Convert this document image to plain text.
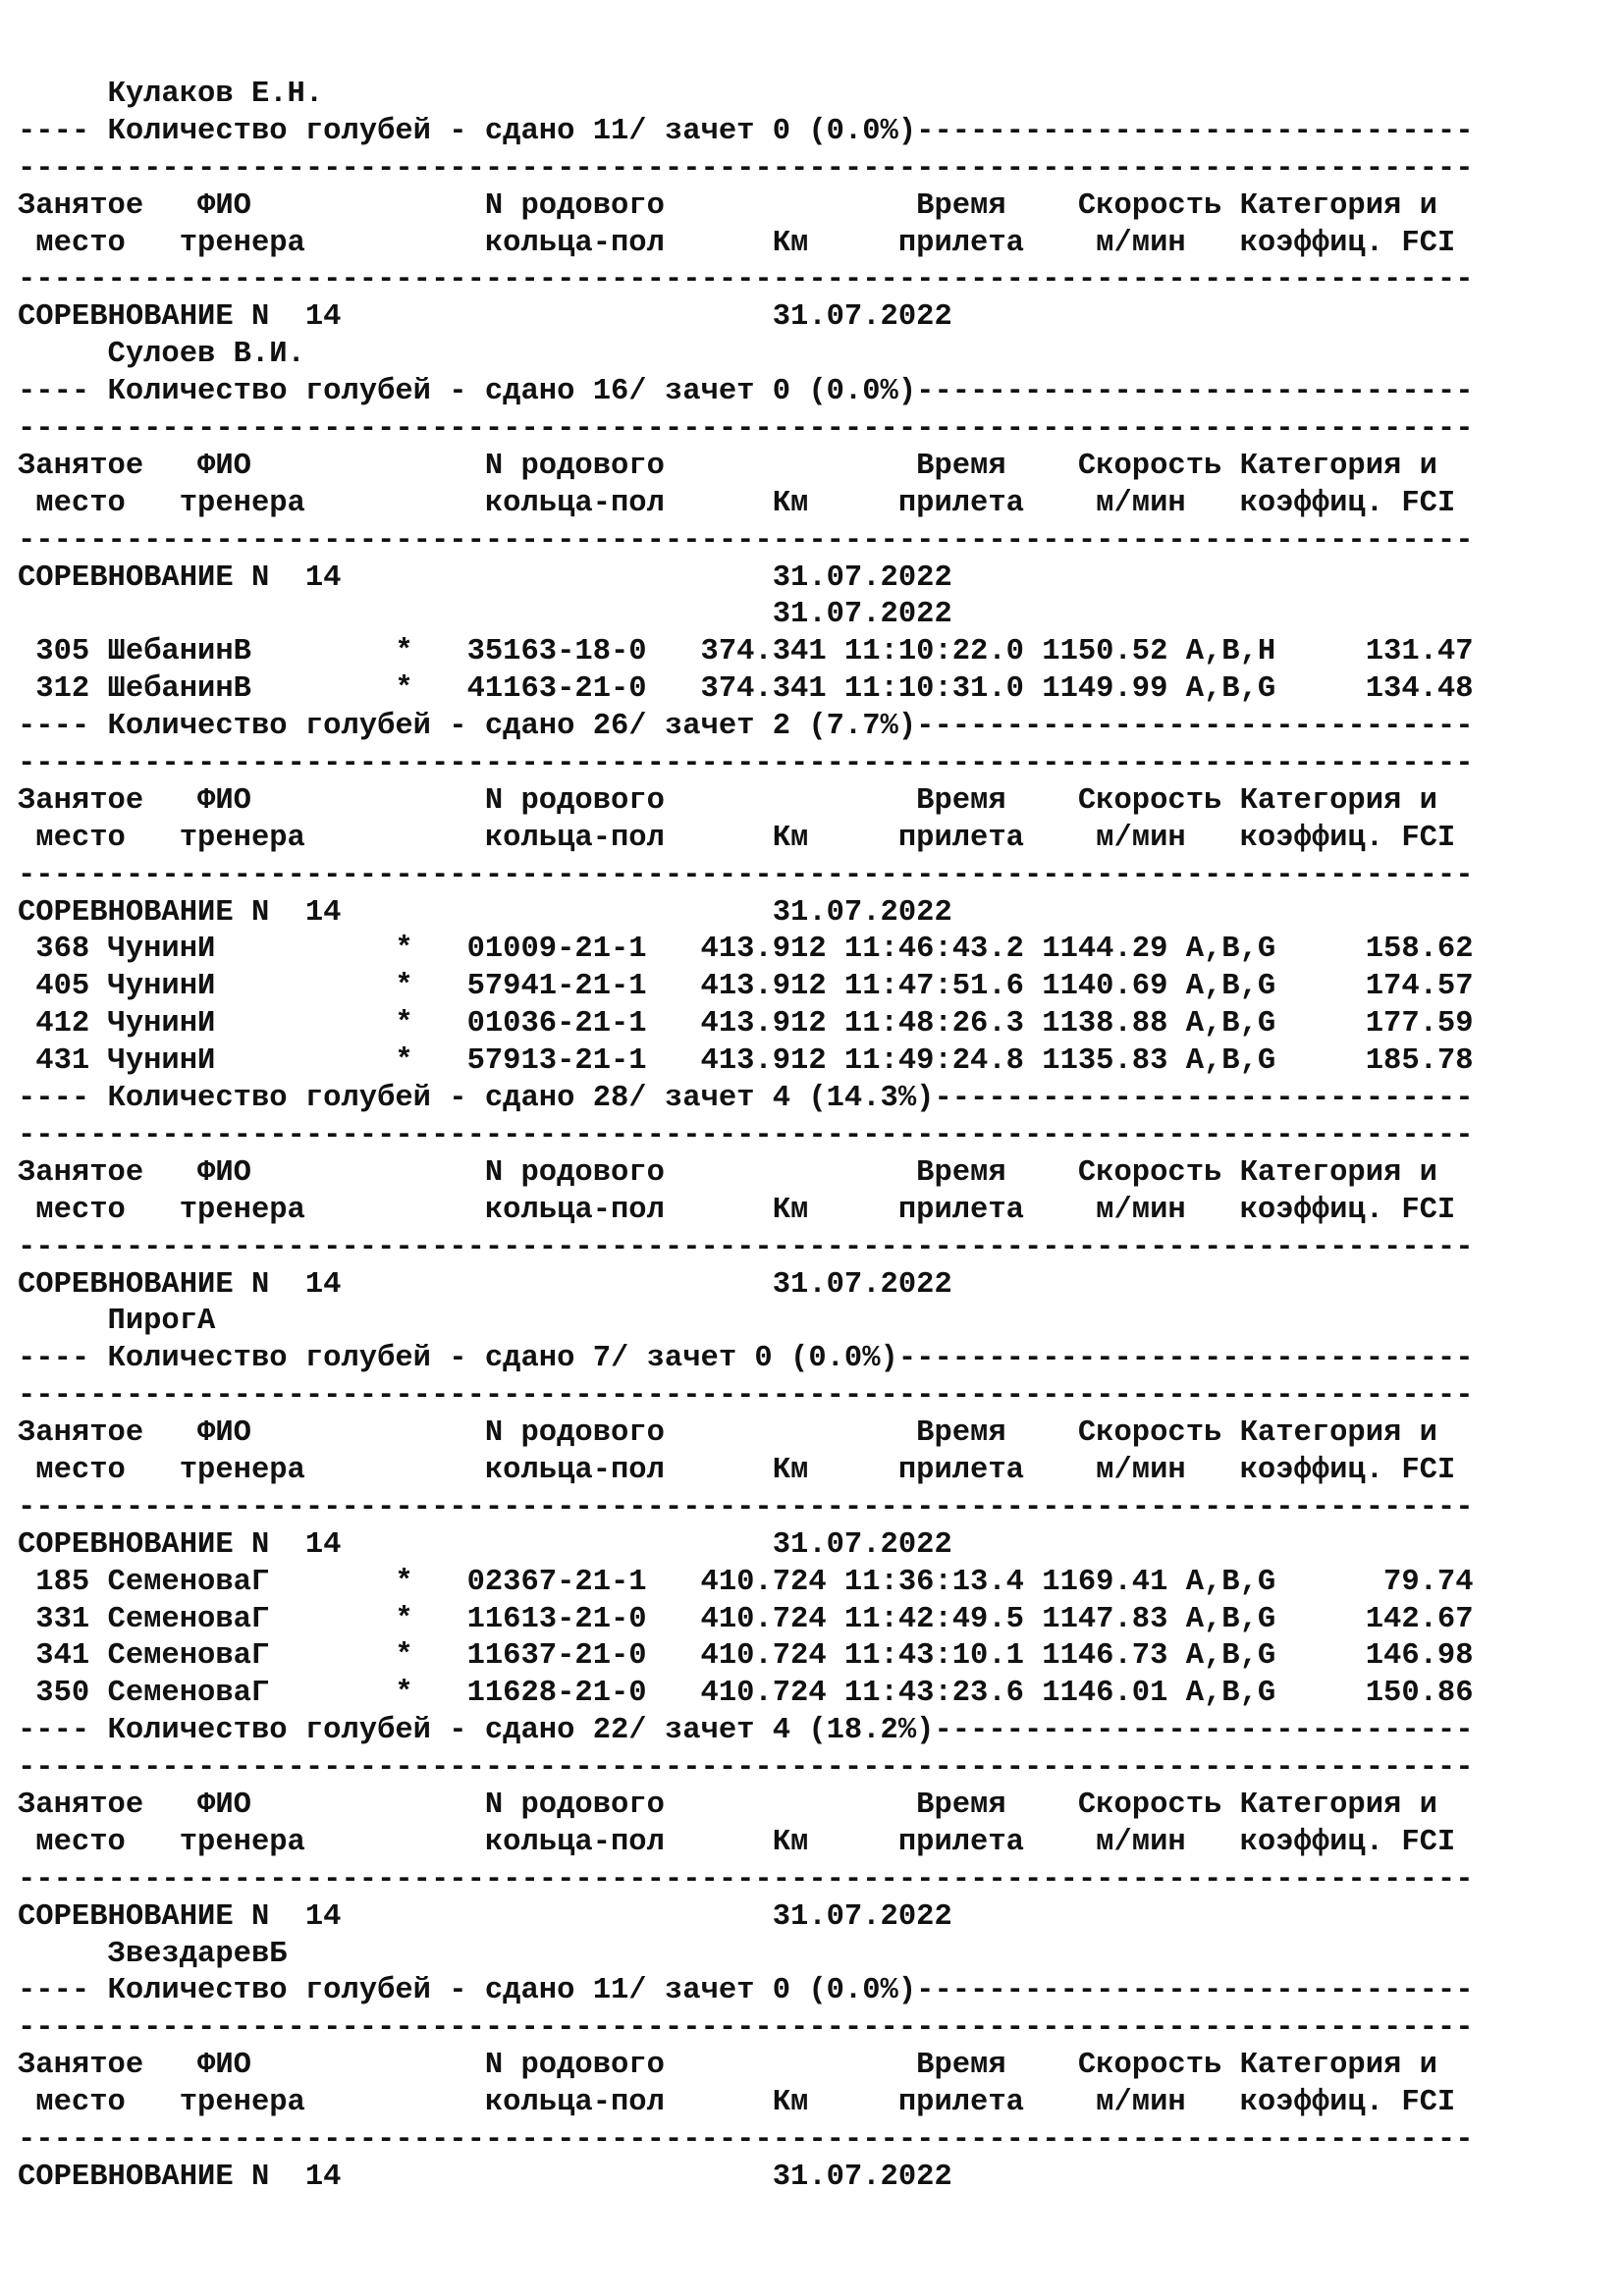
Кулаков Е.Н.
---- Количество голубей - сдано 11/ зачет 0 (0.0%)-------------------------------
---------------------------------------------------------------------------------
Занятое   ФИО             N родового              Время    Скорость Категория и
место   тренера          кольца-пол      Км     прилета    м/мин   коэффиц. FCI
---------------------------------------------------------------------------------
СОРЕВНОВАНИЕ N  14                        31.07.2022
Сулоев В.И.
---- Количество голубей - сдано 16/ зачет 0 (0.0%)-------------------------------
---------------------------------------------------------------------------------
Занятое   ФИО             N родового              Время    Скорость Категория и
место   тренера          кольца-пол      Км     прилета    м/мин   коэффиц. FCI
---------------------------------------------------------------------------------
СОРЕВНОВАНИЕ N  14                        31.07.2022
31.07.2022
305 ШебанинВ        *   35163-18-0   374.341 11:10:22.0 1150.52 A,B,H     131.47
312 ШебанинВ        *   41163-21-0   374.341 11:10:31.0 1149.99 A,B,G     134.48
---- Количество голубей - сдано 26/ зачет 2 (7.7%)-------------------------------
---------------------------------------------------------------------------------
Занятое   ФИО             N родового              Время    Скорость Категория и
место   тренера          кольца-пол      Км     прилета    м/мин   коэффиц. FCI
---------------------------------------------------------------------------------
СОРЕВНОВАНИЕ N  14                        31.07.2022
368 ЧунинИ          *   01009-21-1   413.912 11:46:43.2 1144.29 A,B,G     158.62
405 ЧунинИ          *   57941-21-1   413.912 11:47:51.6 1140.69 A,B,G     174.57
412 ЧунинИ          *   01036-21-1   413.912 11:48:26.3 1138.88 A,B,G     177.59
431 ЧунинИ          *   57913-21-1   413.912 11:49:24.8 1135.83 A,B,G     185.78
---- Количество голубей - сдано 28/ зачет 4 (14.3%)------------------------------
---------------------------------------------------------------------------------
Занятое   ФИО             N родового              Время    Скорость Категория и
место   тренера          кольца-пол      Км     прилета    м/мин   коэффиц. FCI
---------------------------------------------------------------------------------
СОРЕВНОВАНИЕ N  14                        31.07.2022
ПирогА
---- Количество голубей - сдано 7/ зачет 0 (0.0%)--------------------------------
---------------------------------------------------------------------------------
Занятое   ФИО             N родового              Время    Скорость Категория и
место   тренера          кольца-пол      Км     прилета    м/мин   коэффиц. FCI
---------------------------------------------------------------------------------
СОРЕВНОВАНИЕ N  14                        31.07.2022
185 СеменоваГ       *   02367-21-1   410.724 11:36:13.4 1169.41 A,B,G      79.74
331 СеменоваГ       *   11613-21-0   410.724 11:42:49.5 1147.83 A,B,G     142.67
341 СеменоваГ       *   11637-21-0   410.724 11:43:10.1 1146.73 A,B,G     146.98
350 СеменоваГ       *   11628-21-0   410.724 11:43:23.6 1146.01 A,B,G     150.86
---- Количество голубей - сдано 22/ зачет 4 (18.2%)------------------------------
---------------------------------------------------------------------------------
Занятое   ФИО             N родового              Время    Скорость Категория и
место   тренера          кольца-пол      Км     прилета    м/мин   коэффиц. FCI
---------------------------------------------------------------------------------
СОРЕВНОВАНИЕ N  14                        31.07.2022
ЗвездаревБ
---- Количество голубей - сдано 11/ зачет 0 (0.0%)-------------------------------
---------------------------------------------------------------------------------
Занятое   ФИО             N родового              Время    Скорость Категория и
место   тренера          кольца-пол      Км     прилета    м/мин   коэффиц. FCI
---------------------------------------------------------------------------------
СОРЕВНОВАНИЕ N  14                        31.07.2022
